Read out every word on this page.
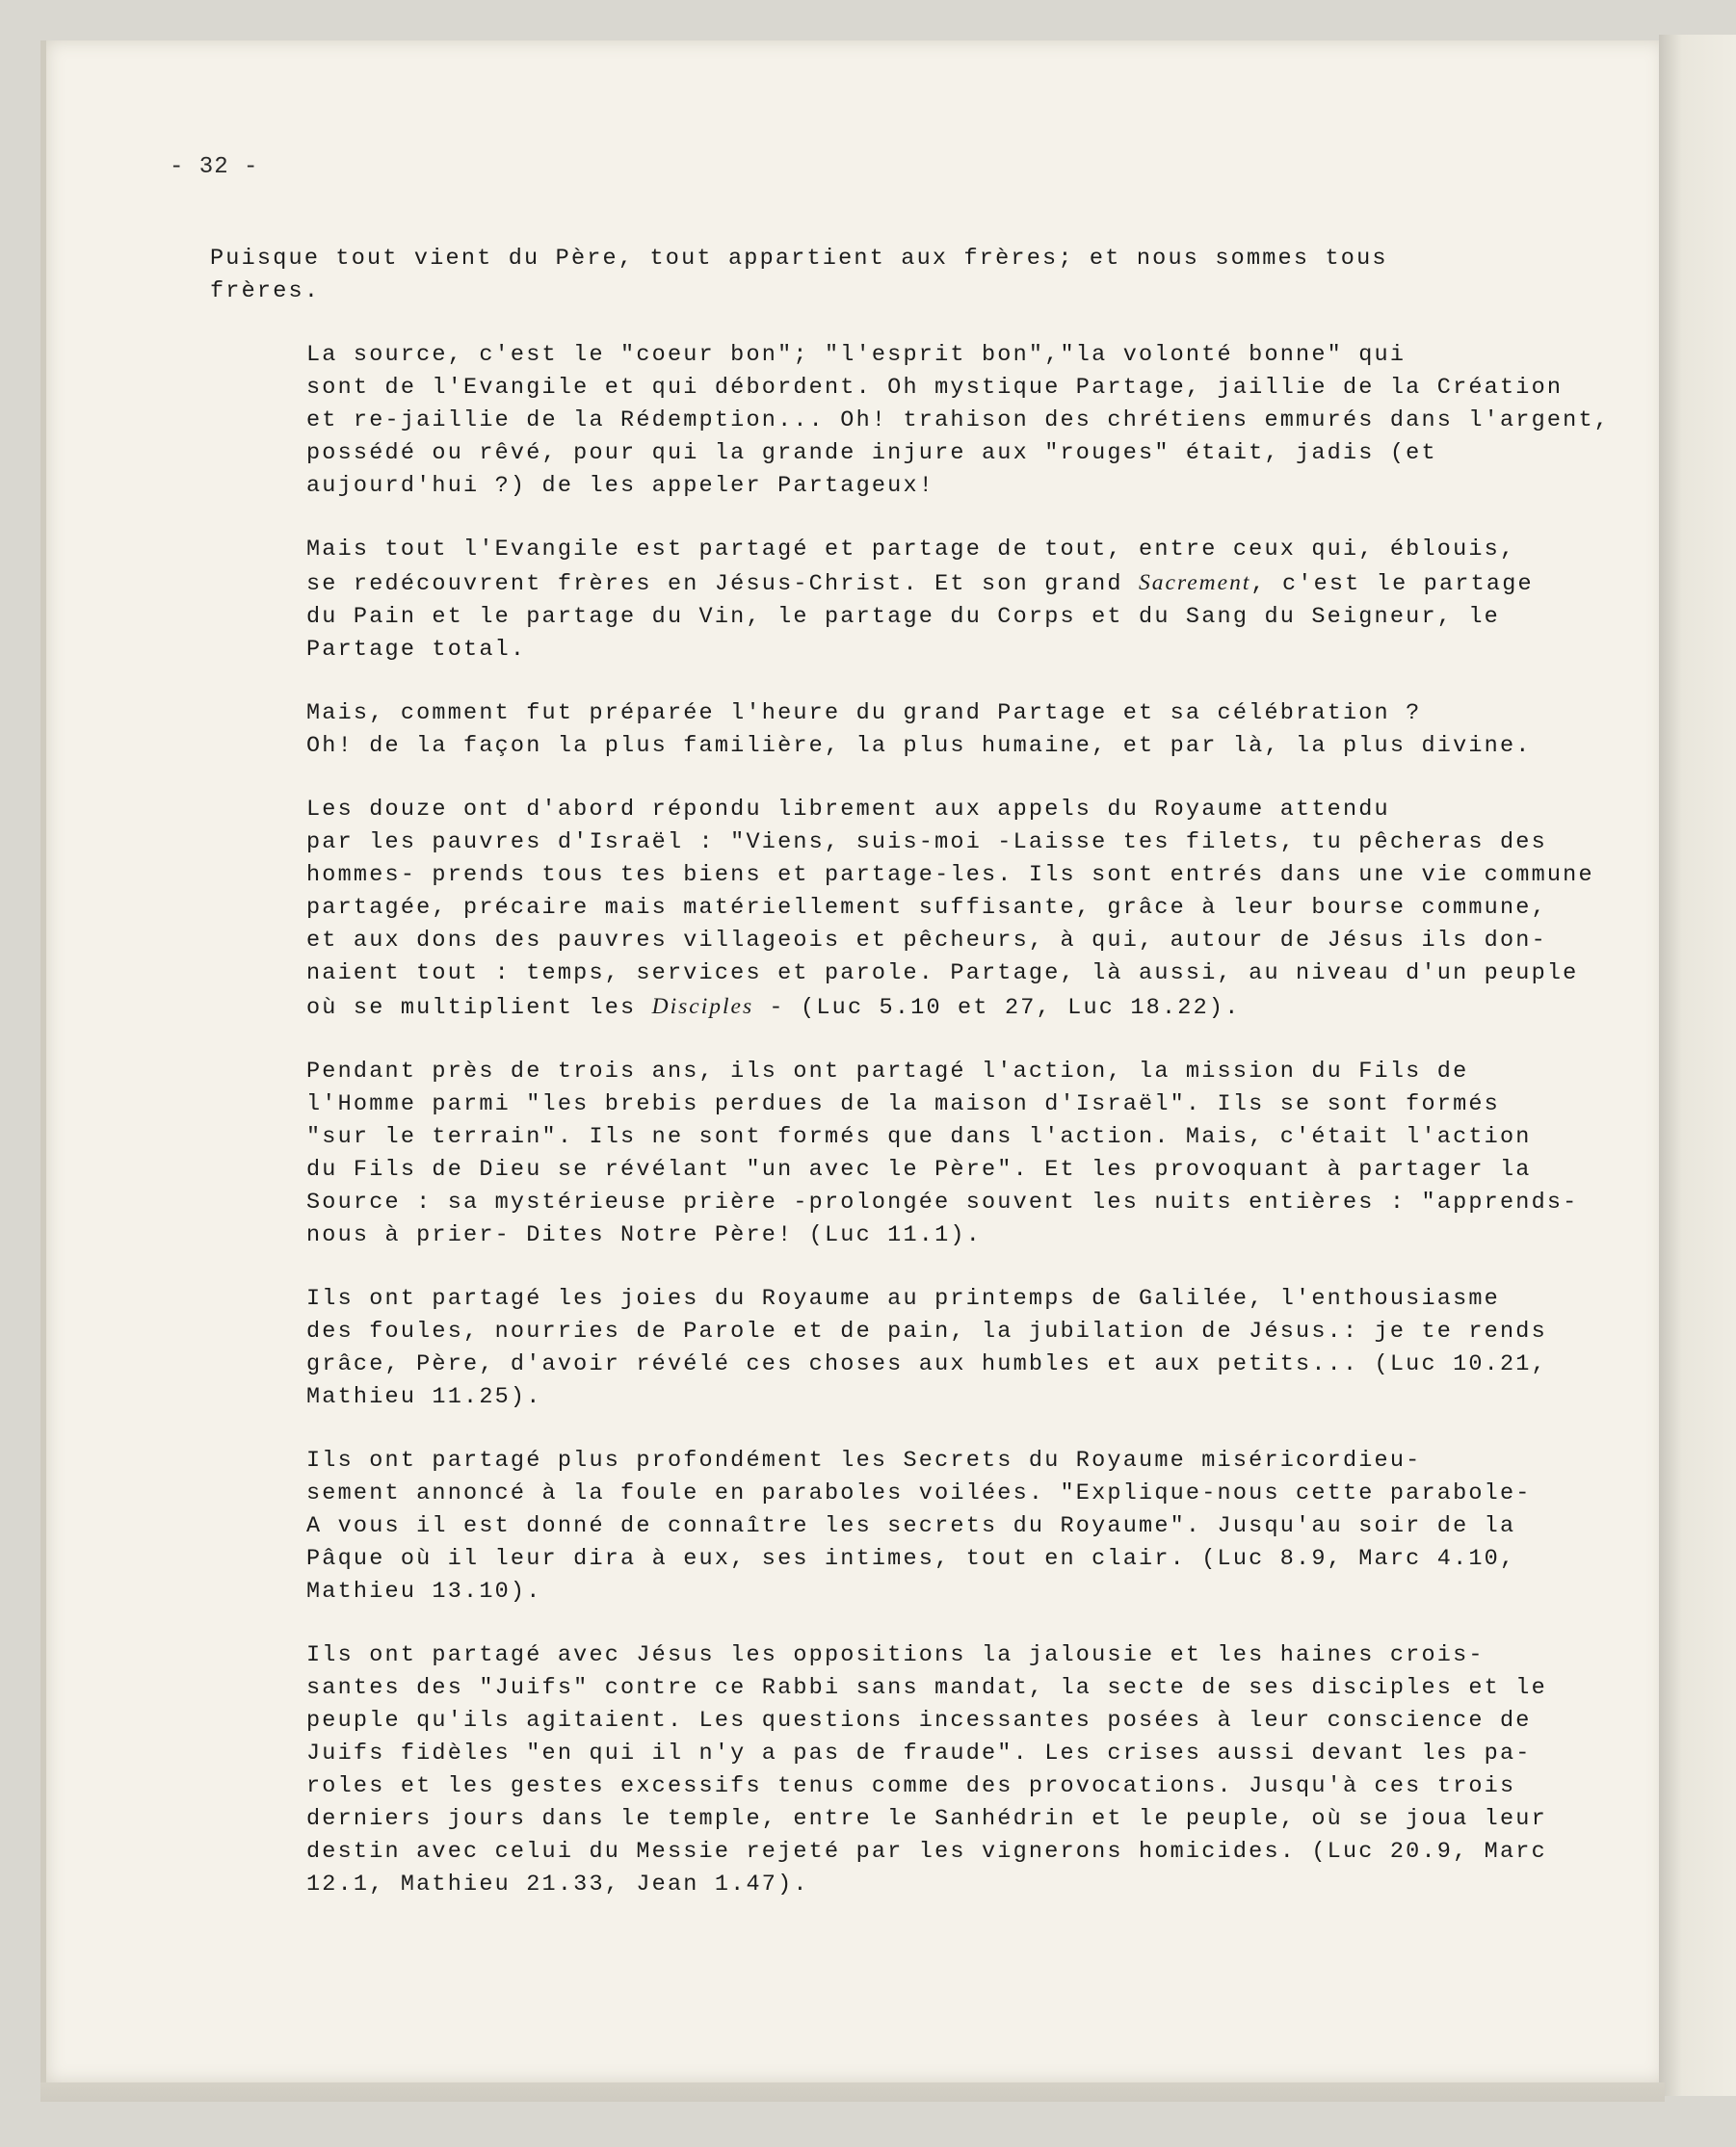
- 32 -
Puisque tout vient du Père, tout appartient aux frères; et nous sommes tous
frères.
La source, c'est le "coeur bon"; "l'esprit bon","la volonté bonne" qui
sont de l'Evangile et qui débordent. Oh mystique Partage, jaillie de la Création
et re-jaillie de la Rédemption... Oh! trahison des chrétiens emmurés dans l'argent,
possédé ou rêvé, pour qui la grande injure aux "rouges" était, jadis (et
aujourd'hui ?) de les appeler Partageux!
Mais tout l'Evangile est partagé et partage de tout, entre ceux qui, éblouis,
se redécouvrent frères en Jésus-Christ. Et son grand Sacrement, c'est le partage
du Pain et le partage du Vin, le partage du Corps et du Sang du Seigneur, le
Partage total.
Mais, comment fut préparée l'heure du grand Partage et sa célébration ?
Oh! de la façon la plus familière, la plus humaine, et par là, la plus divine.
Les douze ont d'abord répondu librement aux appels du Royaume attendu
par les pauvres d'Israël : "Viens, suis-moi -Laisse tes filets, tu pêcheras des
hommes- prends tous tes biens et partage-les. Ils sont entrés dans une vie commune
partagée, précaire mais matériellement suffisante, grâce à leur bourse commune,
et aux dons des pauvres villageois et pêcheurs, à qui, autour de Jésus ils don-
naient tout : temps, services et parole. Partage, là aussi, au niveau d'un peuple
où se multiplient les Disciples - (Luc 5.10 et 27, Luc 18.22).
Pendant près de trois ans, ils ont partagé l'action, la mission du Fils de
l'Homme parmi "les brebis perdues de la maison d'Israël". Ils se sont formés
"sur le terrain". Ils ne sont formés que dans l'action. Mais, c'était l'action
du Fils de Dieu se révélant "un avec le Père". Et les provoquant à partager la
Source : sa mystérieuse prière -prolongée souvent les nuits entières : "apprends-
nous à prier- Dites Notre Père! (Luc 11.1).
Ils ont partagé les joies du Royaume au printemps de Galilée, l'enthousiasme
des foules, nourries de Parole et de pain, la jubilation de Jésus.: je te rends
grâce, Père, d'avoir révélé ces choses aux humbles et aux petits... (Luc 10.21,
Mathieu 11.25).
Ils ont partagé plus profondément les Secrets du Royaume miséricordieu-
sement annoncé à la foule en paraboles voilées. "Explique-nous cette parabole-
A vous il est donné de connaître les secrets du Royaume". Jusqu'au soir de la
Pâque où il leur dira à eux, ses intimes, tout en clair. (Luc 8.9, Marc 4.10,
Mathieu 13.10).
Ils ont partagé avec Jésus les oppositions la jalousie et les haines crois-
santes des "Juifs" contre ce Rabbi sans mandat, la secte de ses disciples et le
peuple qu'ils agitaient. Les questions incessantes posées à leur conscience de
Juifs fidèles "en qui il n'y a pas de fraude". Les crises aussi devant les pa-
roles et les gestes excessifs tenus comme des provocations. Jusqu'à ces trois
derniers jours dans le temple, entre le Sanhédrin et le peuple, où se joua leur
destin avec celui du Messie rejeté par les vignerons homicides. (Luc 20.9, Marc
12.1, Mathieu 21.33, Jean 1.47).
